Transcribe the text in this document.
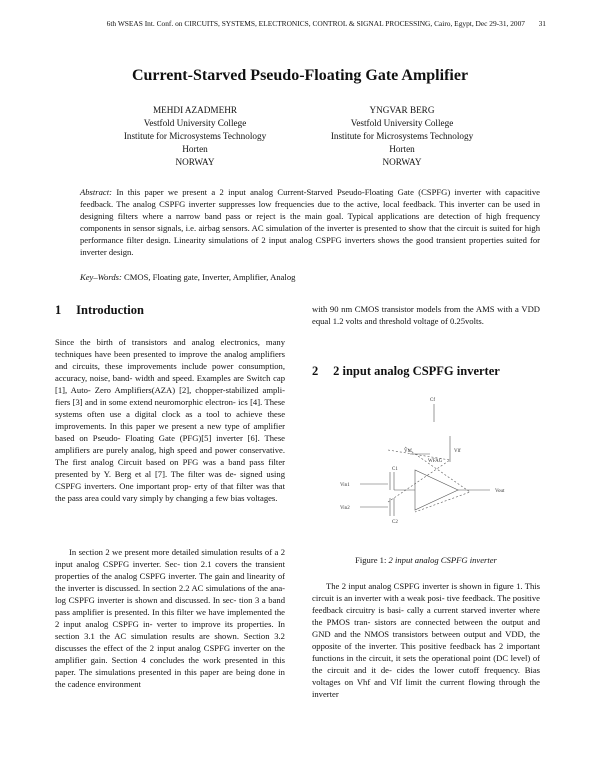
6th WSEAS Int. Conf. on CIRCUITS, SYSTEMS, ELECTRONICS, CONTROL & SIGNAL PROCESSING, Cairo, Egypt, Dec 29-31, 2007 31
Current-Starved Pseudo-Floating Gate Amplifier
MEHDI AZADMEHR
Vestfold University College
Institute for Microsystems Technology
Horten
NORWAY
YNGVAR BERG
Vestfold University College
Institute for Microsystems Technology
Horten
NORWAY
Abstract: In this paper we present a 2 input analog Current-Starved Pseudo-Floating Gate (CSPFG) inverter with capacitive feedback. The analog CSPFG inverter suppresses low frequencies due to the active, local feedback. This inverter can be used in designing filters where a narrow band pass or reject is the main goal. Typical applications are detection of high frequency components in sensor signals, i.e. airbag sensors. AC simulation of the inverter is presented to show that the circuit is suited for high performance filter design. Linearity simulations of 2 input analog CSPFG inverters shows the good transient properties suited for inverter design.
Key–Words: CMOS, Floating gate, Inverter, Amplifier, Analog
1 Introduction

Since the birth of transistors and analog electronics, many techniques have been presented to improve the analog amplifiers and circuits, these improvements include power consumption, accuracy, noise, band- width and speed. Examples are Switch cap [1], Auto- Zero Amplifiers(AZA) [2], chopper-stabilized ampli- fiers [3] and in some extend neuromorphic electron- ics [4]. These systems often use a digital clock as a tool to achieve these improvements. In this paper we present a new type of amplifier based on Pseudo- Floating Gate (PFG)[5] inverter [6]. These amplifiers are purely analog, high speed and power conservative. The first analog Circuit based on PFG was a band pass filter presented by Y. Berg et al [7]. The filter was de- signed using CSPFG inverters. One important prop- erty of that filter was that the pass area could vary simply by changing a few bias voltages.

In section 2 we present more detailed simulation results of a 2 input analog CSPFG inverter. Sec- tion 2.1 covers the transient properties of the analog CSPFG inverter. The gain and linearity of the inverter is discussed. In section 2.2 AC simulations of the ana- log CSPFG inverter is shown and discussed. In sec- tion 3 a band pass amplifier is presented. In this filter we have implemented the 2 input analog CSPFG in- verter to improve its properties. In section 3.1 the AC simulation results are shown. Section 3.2 discusses the effect of the 2 input analog CSPFG inverter on the amplifier gain. Section 4 concludes the work presented in this paper. The simulations presented in this paper are being done in the cadence environment

with 90 nm CMOS transistor models from the AMS with a VDD equal 1.2 volts and threshold voltage of 0.25volts.

2 2 input analog CSPFG inverter
Cf
Vhf
WFAG
Vlf
C1
C2
Vin1
Vin2
Vout
Figure 1: 2 input analog CSPFG inverter

The 2 input analog CSPFG inverter is shown in figure 1. This circuit is an inverter with a weak posi- tive feedback. The positive feedback circuitry is basi- cally a current starved inverter where the PMOS tran- sistors are connected between the output and GND and the NMOS transistors between output and VDD, the opposite of the inverter. This positive feedback has 2 important functions in the circuit, it sets the operational point (DC level) of the circuit and it de- cides the lower cutoff frequency. Bias voltages on Vhf and Vlf limit the current flowing through the inverter
